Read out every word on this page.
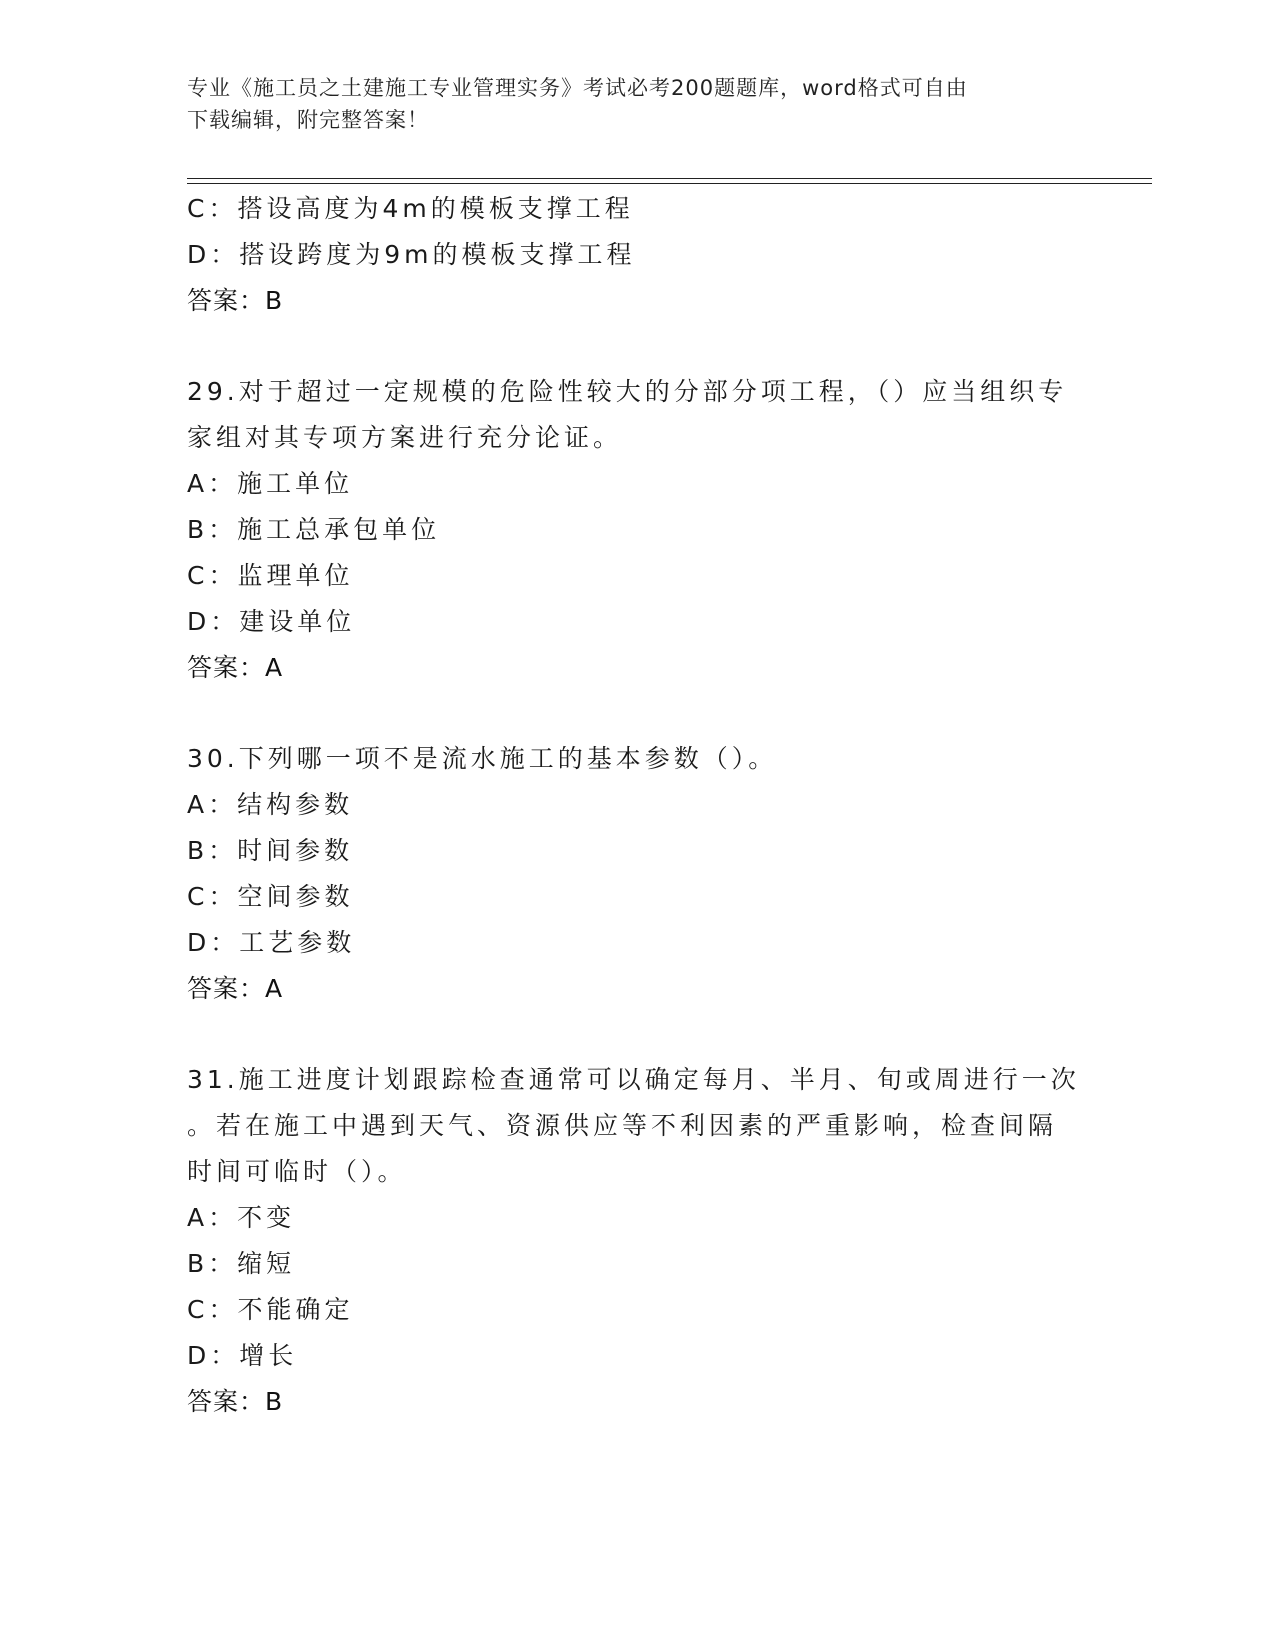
专业《施工员之土建施工专业管理实务》考试必考200题题库，word格式可自由
下载编辑，附完整答案！
C：搭设高度为4m的模板支撑工程
D：搭设跨度为9m的模板支撑工程
答案：B
29.对于超过一定规模的危险性较大的分部分项工程，（）应当组织专
家组对其专项方案进行充分论证。
A：施工单位
B：施工总承包单位
C：监理单位
D：建设单位
答案：A
30.下列哪一项不是流水施工的基本参数（）。
A：结构参数
B：时间参数
C：空间参数
D：工艺参数
答案：A
31.施工进度计划跟踪检查通常可以确定每月、半月、旬或周进行一次
。若在施工中遇到天气、资源供应等不利因素的严重影响，检查间隔
时间可临时（）。
A：不变
B：缩短
C：不能确定
D：增长
答案：B
